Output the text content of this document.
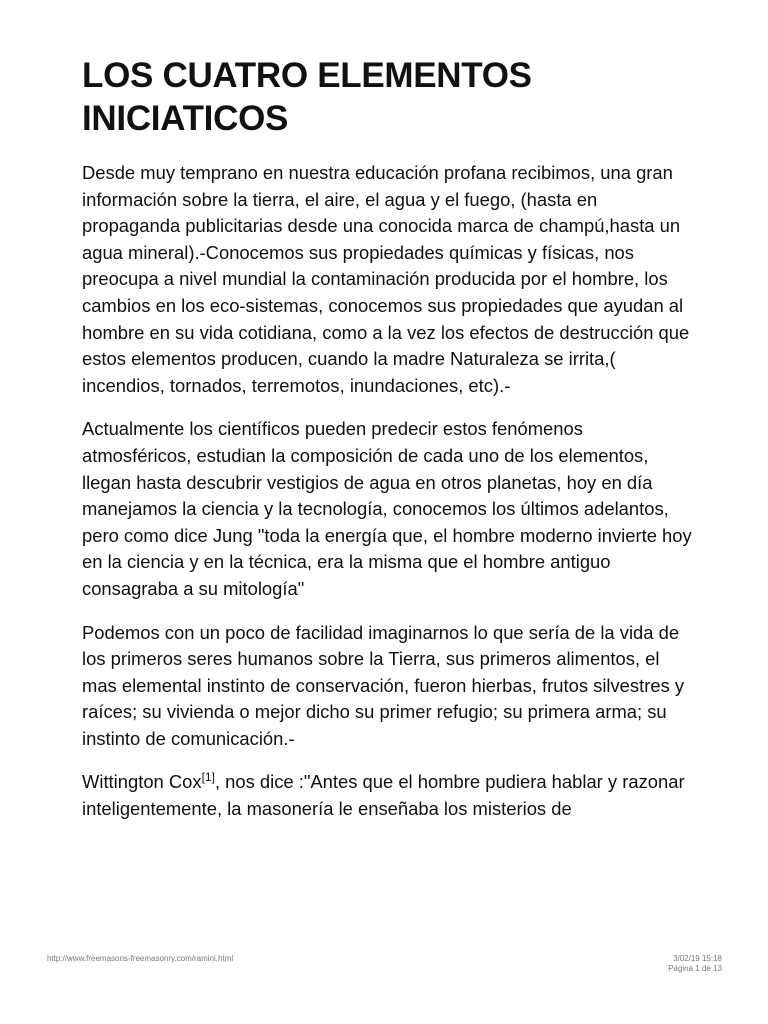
LOS CUATRO ELEMENTOS
INICIATICOS

Desde muy temprano en nuestra educación profana recibimos, una gran información sobre la tierra, el aire, el agua y el fuego, (hasta en propaganda publicitarias desde una conocida marca de champú,hasta un agua mineral).-Conocemos sus propiedades químicas y físicas, nos preocupa a nivel mundial la contaminación producida por el hombre, los cambios en los eco-sistemas, conocemos sus propiedades que ayudan al hombre en su vida cotidiana, como a la vez los efectos de destrucción que estos elementos producen, cuando la madre Naturaleza se irrita,( incendios, tornados, terremotos, inundaciones, etc).-

Actualmente los científicos pueden predecir estos fenómenos atmosféricos, estudian la composición de cada uno de los elementos, llegan hasta descubrir vestigios de agua en otros planetas, hoy en día manejamos la ciencia y la tecnología, conocemos los últimos adelantos, pero como dice Jung "toda la energía que, el hombre moderno invierte hoy en la ciencia y en la técnica, era la misma que el hombre antiguo consagraba a su mitología"

Podemos con un poco de facilidad imaginarnos lo que sería de la vida de los primeros seres humanos sobre la Tierra, sus primeros alimentos, el mas elemental instinto de conservación, fueron hierbas, frutos silvestres y raíces; su vivienda o mejor dicho su primer refugio; su primera arma; su instinto de comunicación.-

Wittington Cox[1], nos dice :"Antes que el hombre pudiera hablar y razonar inteligentemente, la masonería le enseñaba los misterios de

http://www.freemasons-freemasonry.com/ramini.html	3/02/19 15:18
Página 1 de 13
